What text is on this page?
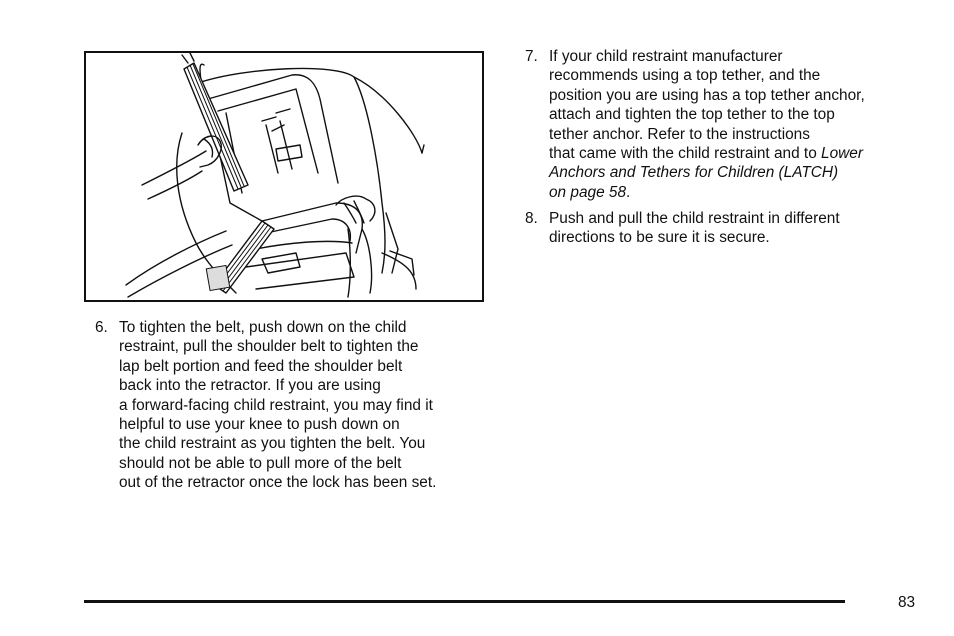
6. To tighten the belt, push down on the child
restraint, pull the shoulder belt to tighten the
lap belt portion and feed the shoulder belt
back into the retractor. If you are using
a forward-facing child restraint, you may find it
helpful to use your knee to push down on
the child restraint as you tighten the belt. You
should not be able to pull more of the belt
out of the retractor once the lock has been set.
7. If your child restraint manufacturer
recommends using a top tether, and the
position you are using has a top tether anchor,
attach and tighten the top tether to the top
tether anchor. Refer to the instructions
that came with the child restraint and to Lower
Anchors and Tethers for Children (LATCH)
on page 58.
8. Push and pull the child restraint in different
directions to be sure it is secure.
83
